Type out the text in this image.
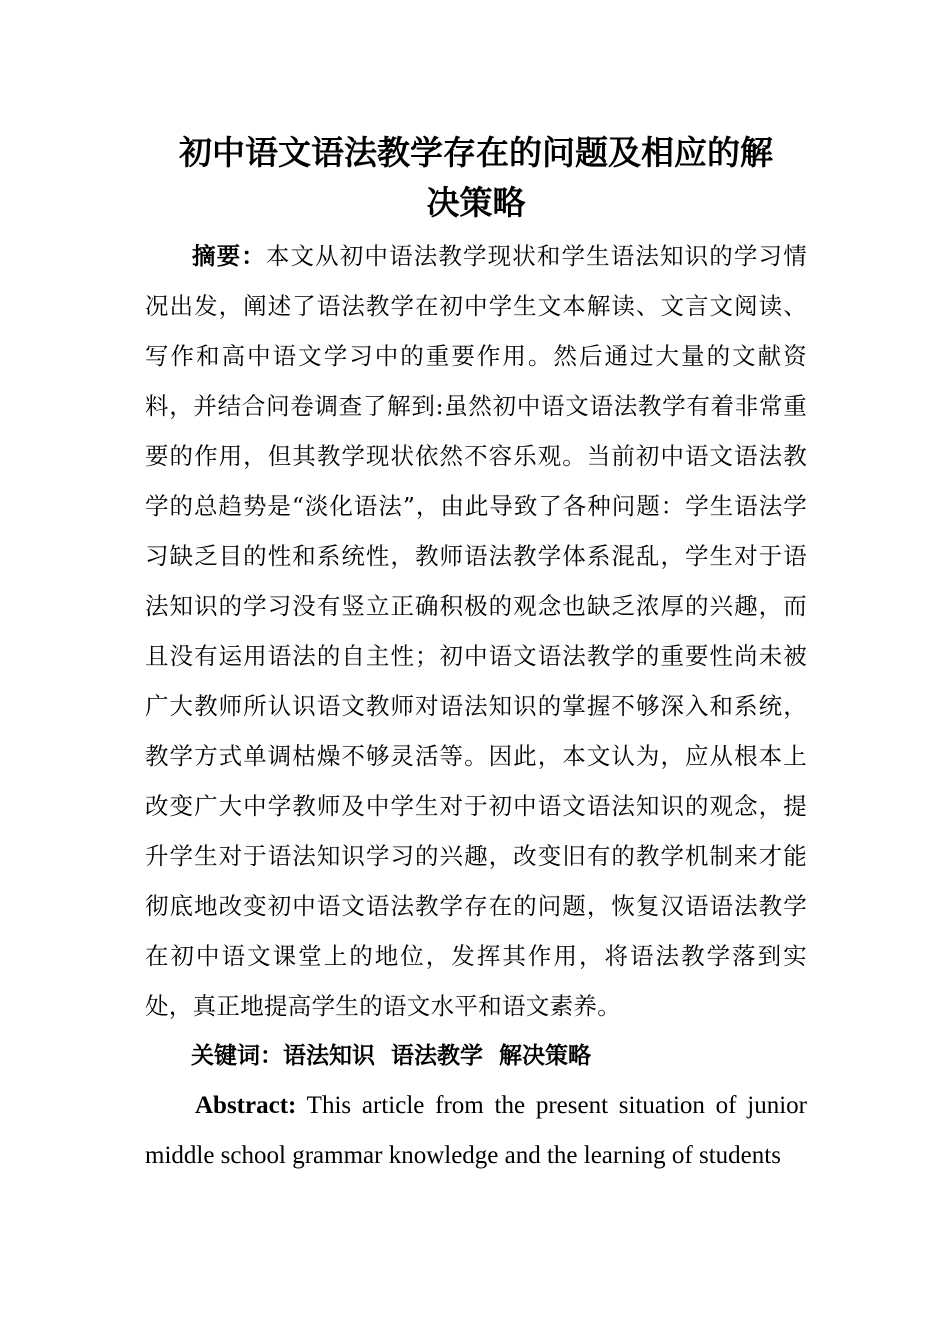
初中语文语法教学存在的问题及相应的解
决策略

摘要：本文从初中语法教学现状和学生语法知识的学习情况出发，阐述了语法教学在初中学生文本解读、文言文阅读、写作和高中语文学习中的重要作用。然后通过大量的文献资料，并结合问卷调查了解到:虽然初中语文语法教学有着非常重要的作用，但其教学现状依然不容乐观。当前初中语文语法教学的总趋势是“淡化语法”，由此导致了各种问题：学生语法学习缺乏目的性和系统性，教师语法教学体系混乱，学生对于语法知识的学习没有竖立正确积极的观念也缺乏浓厚的兴趣，而且没有运用语法的自主性；初中语文语法教学的重要性尚未被广大教师所认识语文教师对语法知识的掌握不够深入和系统，教学方式单调枯燥不够灵活等。因此，本文认为，应从根本上改变广大中学教师及中学生对于初中语文语法知识的观念，提升学生对于语法知识学习的兴趣，改变旧有的教学机制来才能彻底地改变初中语文语法教学存在的问题，恢复汉语语法教学在初中语文课堂上的地位，发挥其作用，将语法教学落到实处，真正地提高学生的语文水平和语文素养。

关键词：语法知识  语法教学  解决策略

Abstract: This article from the present situation of junior middle school grammar knowledge and the learning of students
